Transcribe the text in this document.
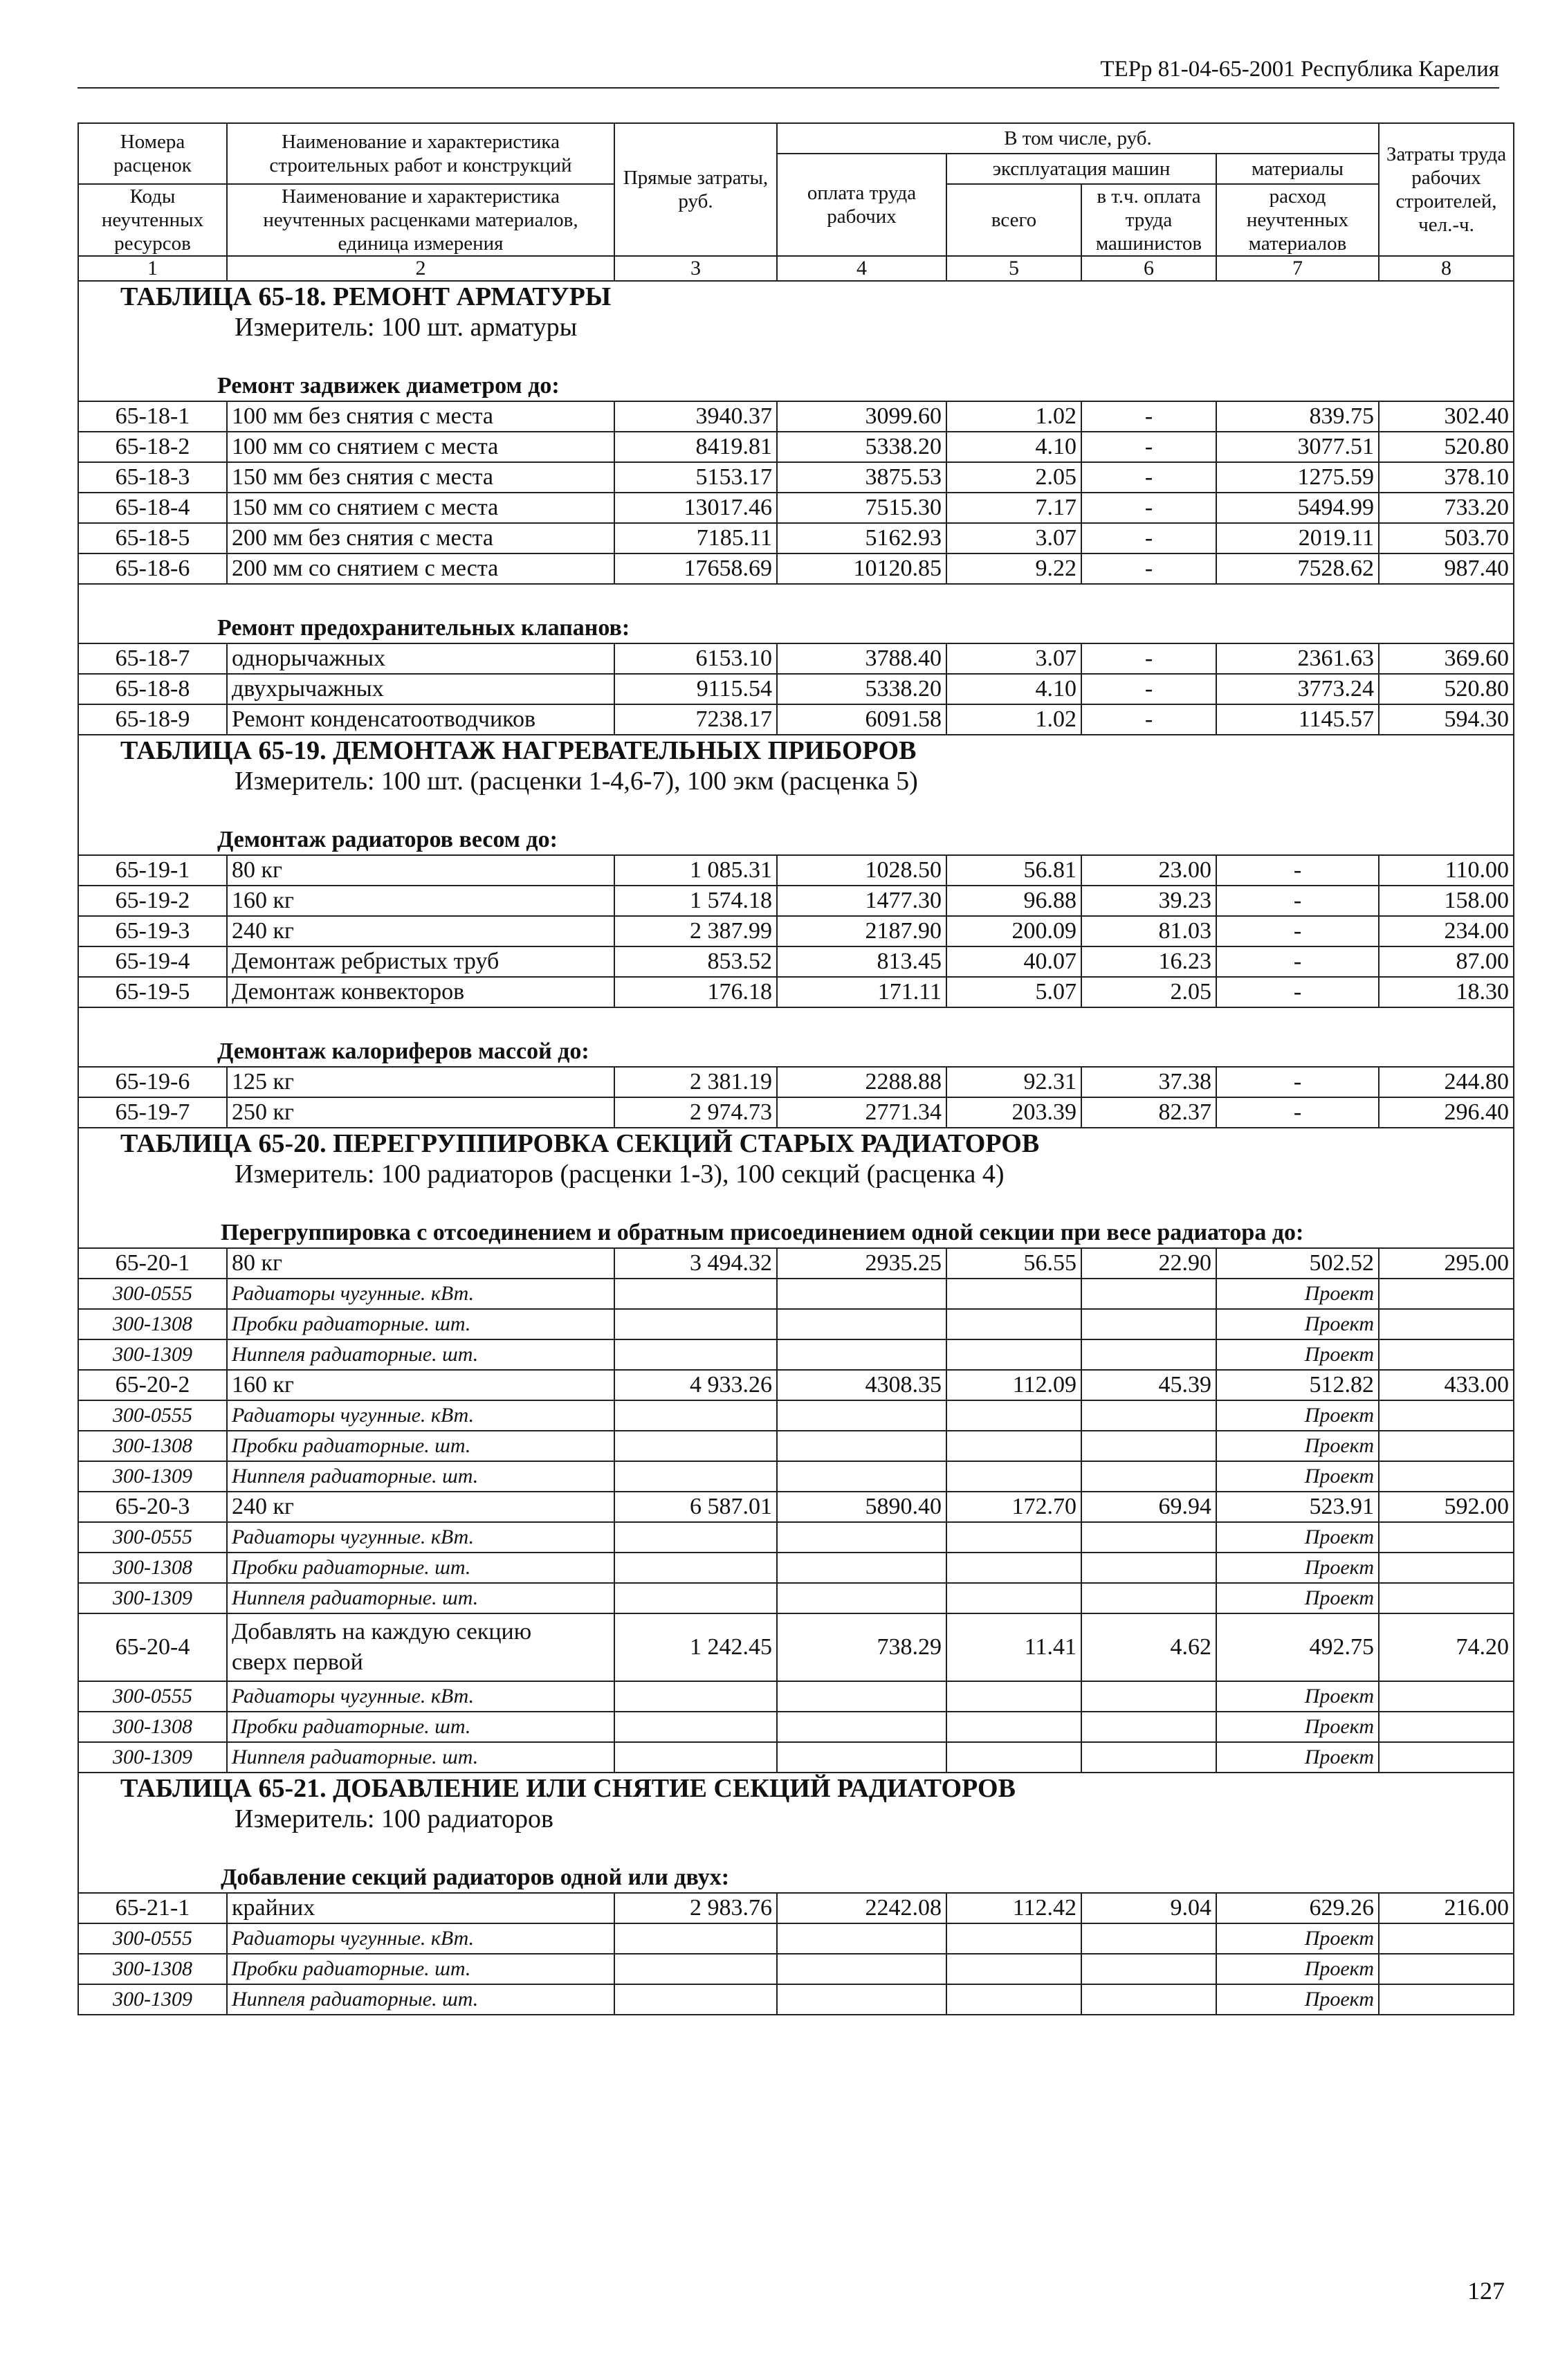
ТЕРр 81-04-65-2001 Республика Карелия
Номера расценок	Наименование и характеристика строительных работ и конструкций	Прямые затраты, руб.	В том числе, руб.				Затраты труда рабочих строителей, чел.-ч.
			оплата труда рабочих	эксплуатация машин		материалы	
Коды неучтенных ресурсов	Наименование и характеристика неучтенных расценками материалов, единица измерения			всего	в т.ч. оплата труда машинистов	расход неучтенных материалов	

1	2	3	4	5	6	7	8
ТАБЛИЦА 65-18. РЕМОНТ АРМАТУРЫ							
Измеритель: 100 шт. арматуры							

Ремонт задвижек диаметром до:							
65-18-1	100 мм без снятия с места	3940.37	3099.60	1.02	-	839.75	302.40
65-18-2	100 мм со снятием с места	8419.81	5338.20	4.10	-	3077.51	520.80
65-18-3	150 мм без снятия с места	5153.17	3875.53	2.05	-	1275.59	378.10
65-18-4	150 мм со снятием с места	13017.46	7515.30	7.17	-	5494.99	733.20
65-18-5	200 мм без снятия с места	7185.11	5162.93	3.07	-	2019.11	503.70
65-18-6	200 мм со снятием с места	17658.69	10120.85	9.22	-	7528.62	987.40

Ремонт предохранительных клапанов:							
65-18-7	однорычажных	6153.10	3788.40	3.07	-	2361.63	369.60
65-18-8	двухрычажных	9115.54	5338.20	4.10	-	3773.24	520.80
65-18-9	Ремонт конденсатоотводчиков	7238.17	6091.58	1.02	-	1145.57	594.30
ТАБЛИЦА 65-19. ДЕМОНТАЖ НАГРЕВАТЕЛЬНЫХ ПРИБОРОВ							
Измеритель: 100 шт. (расценки 1-4,6-7), 100 экм (расценка 5)							

Демонтаж радиаторов весом до:							
65-19-1	80 кг	1 085.31	1028.50	56.81	23.00	-	110.00
65-19-2	160 кг	1 574.18	1477.30	96.88	39.23	-	158.00
65-19-3	240 кг	2 387.99	2187.90	200.09	81.03	-	234.00
65-19-4	Демонтаж ребристых труб	853.52	813.45	40.07	16.23	-	87.00
65-19-5	Демонтаж конвекторов	176.18	171.11	5.07	2.05	-	18.30

Демонтаж калориферов массой до:							
65-19-6	125 кг	2 381.19	2288.88	92.31	37.38	-	244.80
65-19-7	250 кг	2 974.73	2771.34	203.39	82.37	-	296.40
ТАБЛИЦА 65-20. ПЕРЕГРУППИРОВКА СЕКЦИЙ СТАРЫХ РАДИАТОРОВ							
Измеритель: 100 радиаторов (расценки 1-3), 100 секций (расценка 4)							

Перегруппировка с отсоединением и обратным присоединением одной секции при весе радиатора до:							
65-20-1	80 кг	3 494.32	2935.25	56.55	22.90	502.52	295.00
300-0555	Радиаторы чугунные. кВт.					Проект	
300-1308	Пробки радиаторные. шт.					Проект	
300-1309	Ниппеля радиаторные. шт.					Проект	
65-20-2	160 кг	4 933.26	4308.35	112.09	45.39	512.82	433.00
300-0555	Радиаторы чугунные. кВт.					Проект	
300-1308	Пробки радиаторные. шт.					Проект	
300-1309	Ниппеля радиаторные. шт.					Проект	
65-20-3	240 кг	6 587.01	5890.40	172.70	69.94	523.91	592.00
300-0555	Радиаторы чугунные. кВт.					Проект	
300-1308	Пробки радиаторные. шт.					Проект	
300-1309	Ниппеля радиаторные. шт.					Проект	
65-20-4	Добавлять на каждую секцию
сверх первой	1 242.45	738.29	11.41	4.62	492.75	74.20
300-0555	Радиаторы чугунные. кВт.					Проект	
300-1308	Пробки радиаторные. шт.					Проект	
300-1309	Ниппеля радиаторные. шт.					Проект	
ТАБЛИЦА 65-21. ДОБАВЛЕНИЕ ИЛИ СНЯТИЕ СЕКЦИЙ РАДИАТОРОВ							
Измеритель: 100 радиаторов							

Добавление секций радиаторов одной или двух:							
65-21-1	крайних	2 983.76	2242.08	112.42	9.04	629.26	216.00
300-0555	Радиаторы чугунные. кВт.					Проект	
300-1308	Пробки радиаторные. шт.					Проект	
300-1309	Ниппеля радиаторные. шт.					Проект	
127
